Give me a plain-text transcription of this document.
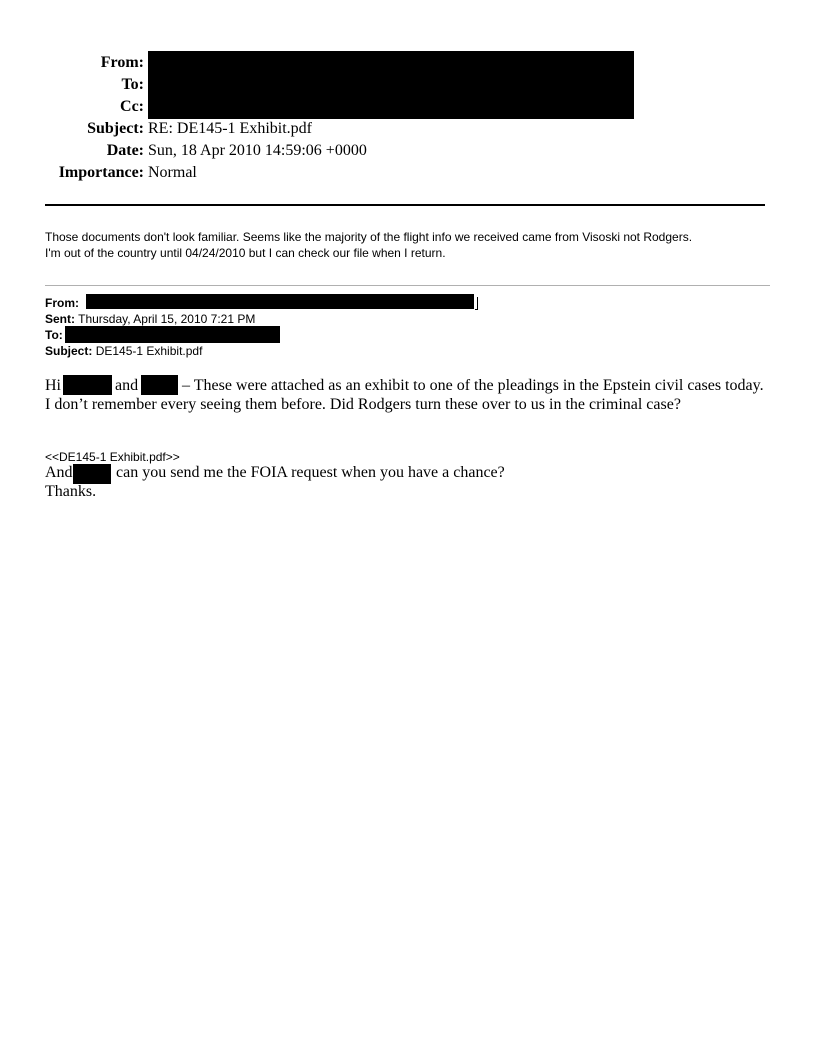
From:
To:
Cc:
Subject: RE: DE145-1 Exhibit.pdf
Date: Sun, 18 Apr 2010 14:59:06 +0000
Importance: Normal
Those documents don't look familiar. Seems like the majority of the flight info we received came from Visoski not Rodgers.
I'm out of the country until 04/24/2010 but I can check our file when I return.
From:
Sent: Thursday, April 15, 2010 7:21 PM
To:
Subject: DE145-1 Exhibit.pdf
Hi	and	– These were attached as an exhibit to one of the pleadings in the Epstein civil cases today.
I don’t remember every seeing them before. Did Rodgers turn these over to us in the criminal case?
<<DE145-1 Exhibit.pdf>>
And	can you send me the FOIA request when you have a chance?
Thanks.
